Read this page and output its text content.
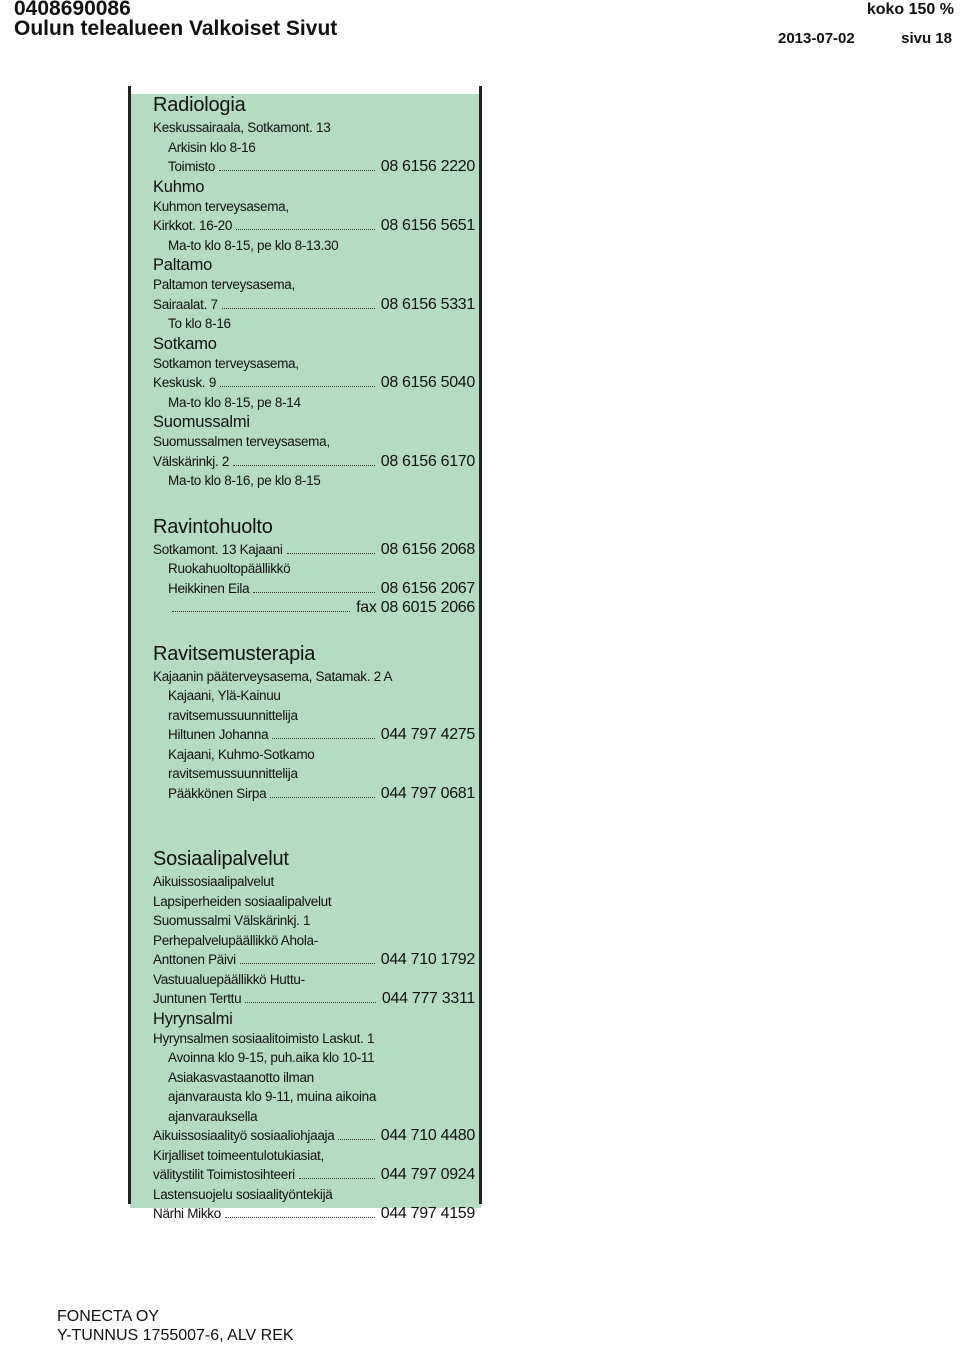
0408690086
Oulun telealueen Valkoiset Sivut
koko 150 %
2013-07-02	sivu 18
Radiologia
Keskussairaala, Sotkamont. 13
Arkisin klo 8-16
Toimisto	08 6156 2220
Kuhmo
Kuhmon terveysasema,
Kirkkot. 16-20	08 6156 5651
Ma-to klo 8-15, pe klo 8-13.30
Paltamo
Paltamon terveysasema,
Sairaalat. 7	08 6156 5331
To klo 8-16
Sotkamo
Sotkamon terveysasema,
Keskusk. 9	08 6156 5040
Ma-to klo 8-15, pe 8-14
Suomussalmi
Suomussalmen terveysasema,
Välskärinkj. 2	08 6156 6170
Ma-to klo 8-16, pe klo 8-15
Ravintohuolto
Sotkamont. 13 Kajaani	08 6156 2068
Ruokahuoltopäällikkö
Heikkinen Eila	08 6156 2067
fax 08 6015 2066
Ravitsemusterapia
Kajaanin pääterveysasema, Satamak. 2 A
Kajaani, Ylä-Kainuu
ravitsemussuunnittelija
Hiltunen Johanna	044 797 4275
Kajaani, Kuhmo-Sotkamo
ravitsemussuunnittelija
Pääkkönen Sirpa	044 797 0681
Sosiaalipalvelut
Aikuissosiaalipalvelut
Lapsiperheiden sosiaalipalvelut
Suomussalmi Välskärinkj. 1
Perhepalvelupäällikkö Ahola-
Anttonen Päivi	044 710 1792
Vastuualuepäällikkö Huttu-
Juntunen Terttu	044 777 3311
Hyrynsalmi
Hyrynsalmen sosiaalitoimisto Laskut. 1
Avoinna klo 9-15, puh.aika klo 10-11
Asiakasvastaanotto ilman
ajanvarausta klo 9-11, muina aikoina
ajanvarauksella
Aikuissosiaalityö sosiaaliohjaaja	044 710 4480
Kirjalliset toimeentulotukiasiat,
välitystilit Toimistosihteeri	044 797 0924
Lastensuojelu sosiaalityöntekijä
Närhi Mikko	044 797 4159
FONECTA OY
Y-TUNNUS 1755007-6, ALV REK
